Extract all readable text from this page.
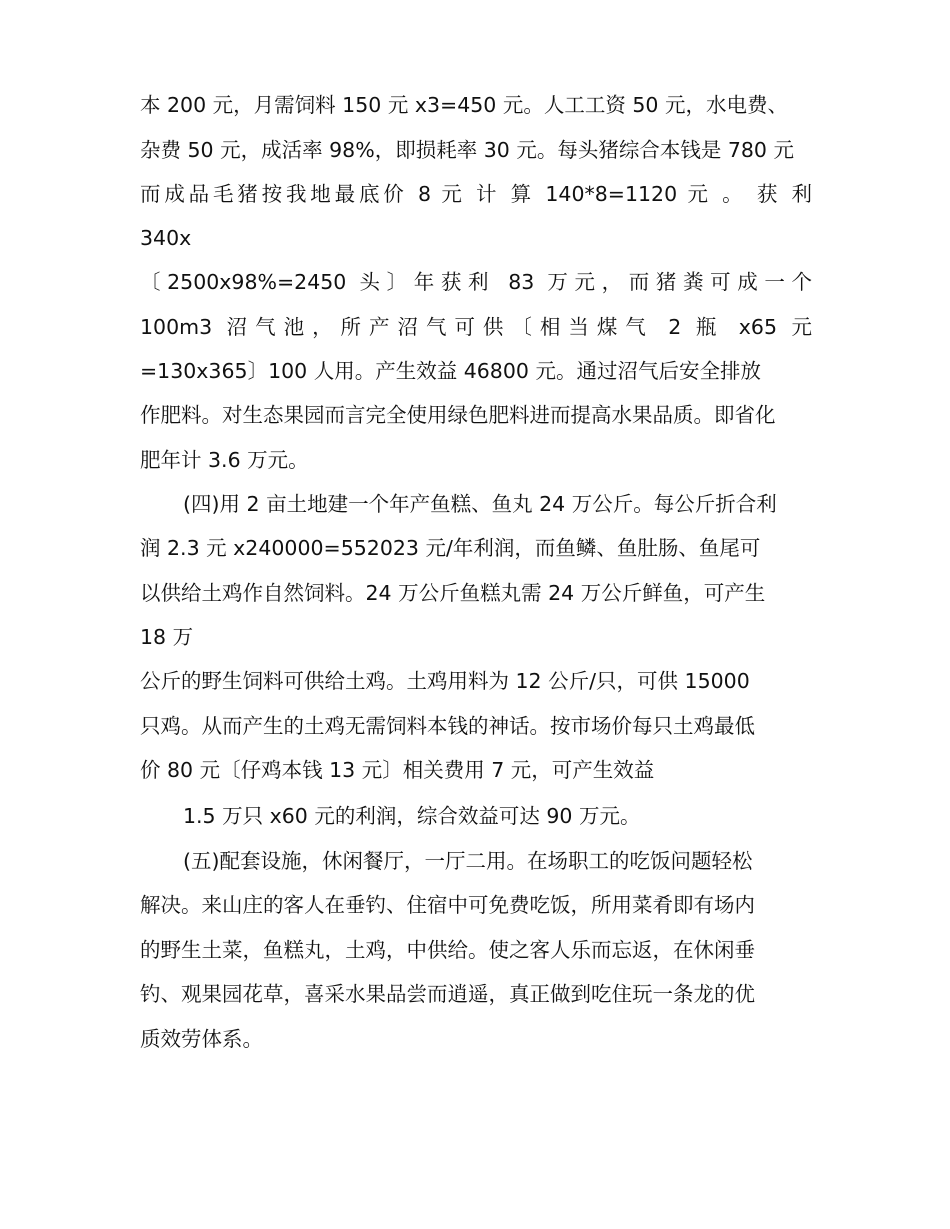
本 200 元，月需饲料 150 元 x3=450 元。人工工资 50 元，水电费、
杂费 50 元，成活率 98%，即损耗率 30 元。每头猪综合本钱是 780 元
而成品毛猪按我地最底价 8 元 计 算 140*8=1120 元 。 获 利
340x
〔2500x98%=2450 头〕年获利 83 万元，而猪粪可成一个
100m3 沼气池，所产沼气可供〔相当煤气 2 瓶 x65 元
=130x365〕100 人用。产生效益 46800 元。通过沼气后安全排放
作肥料。对生态果园而言完全使用绿色肥料进而提高水果品质。即省化
肥年计 3.6 万元。
(四)用 2 亩土地建一个年产鱼糕、鱼丸 24 万公斤。每公斤折合利
润 2.3 元 x240000=552023 元/年利润，而鱼鳞、鱼肚肠、鱼尾可
以供给土鸡作自然饲料。24 万公斤鱼糕丸需 24 万公斤鲜鱼，可产生
18 万
公斤的野生饲料可供给土鸡。土鸡用料为 12 公斤/只，可供 15000
只鸡。从而产生的土鸡无需饲料本钱的神话。按市场价每只土鸡最低
价 80 元〔仔鸡本钱 13 元〕相关费用 7 元，可产生效益
1.5 万只 x60 元的利润，综合效益可达 90 万元。
(五)配套设施，休闲餐厅，一厅二用。在场职工的吃饭问题轻松
解决。来山庄的客人在垂钓、住宿中可免费吃饭，所用菜肴即有场内
的野生土菜，鱼糕丸，土鸡，中供给。使之客人乐而忘返，在休闲垂
钓、观果园花草，喜采水果品尝而逍遥，真正做到吃住玩一条龙的优
质效劳体系。
